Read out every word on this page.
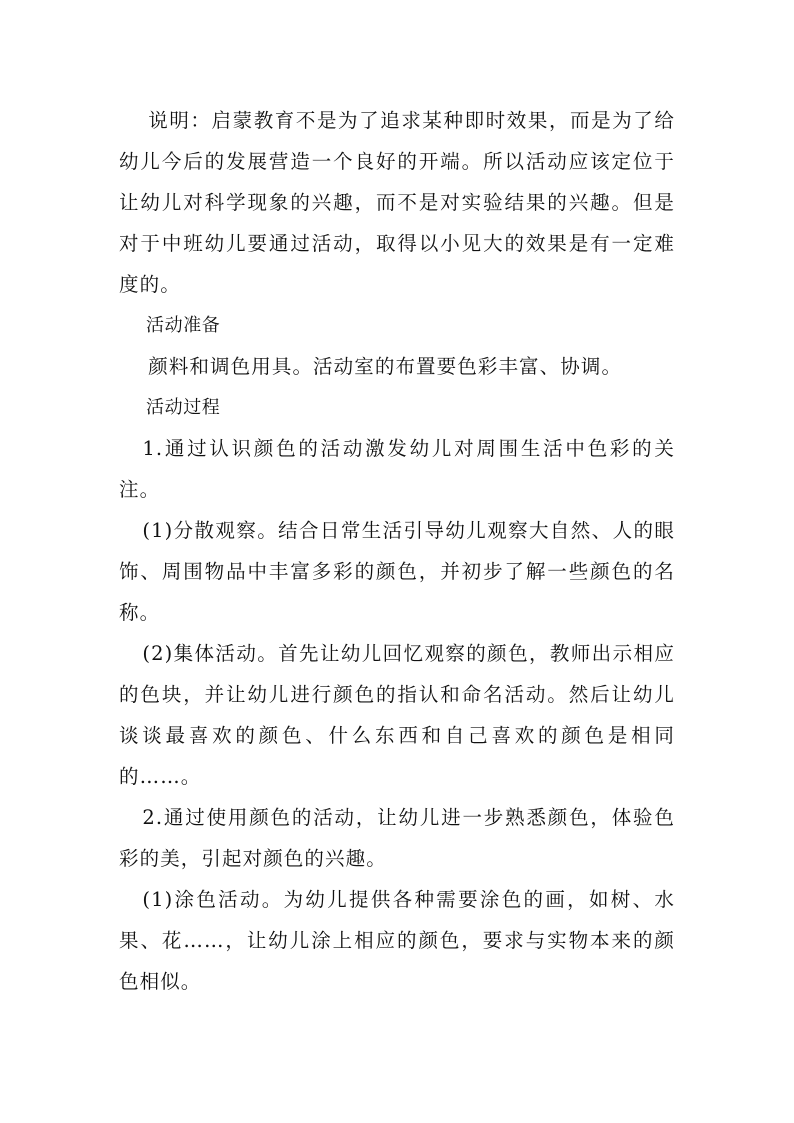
说明：启蒙教育不是为了追求某种即时效果，而是为了给幼儿今后的发展营造一个良好的开端。所以活动应该定位于让幼儿对科学现象的兴趣，而不是对实验结果的兴趣。但是对于中班幼儿要通过活动，取得以小见大的效果是有一定难度的。

活动准备

颜料和调色用具。活动室的布置要色彩丰富、协调。

活动过程

1.通过认识颜色的活动激发幼儿对周围生活中色彩的关注。

(1)分散观察。结合日常生活引导幼儿观察大自然、人的眼饰、周围物品中丰富多彩的颜色，并初步了解一些颜色的名称。

(2)集体活动。首先让幼儿回忆观察的颜色，教师出示相应的色块，并让幼儿进行颜色的指认和命名活动。然后让幼儿谈谈最喜欢的颜色、什么东西和自己喜欢的颜色是相同的……。

2.通过使用颜色的活动，让幼儿进一步熟悉颜色，体验色彩的美，引起对颜色的兴趣。

(1)涂色活动。为幼儿提供各种需要涂色的画，如树、水果、花……，让幼儿涂上相应的颜色，要求与实物本来的颜色相似。
